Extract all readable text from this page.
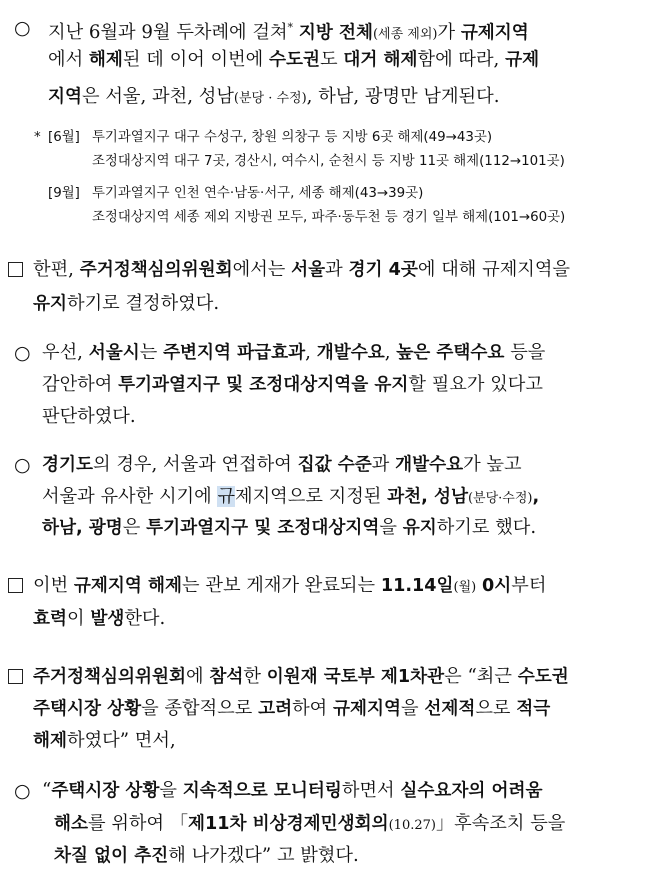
○ 지난 6월과 9월 두차례에 걸쳐* 지방 전체(세종 제외)가 규제지역
에서 해제된 데 이어 이번에 수도권도 대거 해제함에 따라, 규제
지역은 서울, 과천, 성남(분당 · 수정), 하남, 광명만 남게된다.
* [6월] 투기과열지구 대구 수성구, 창원 의창구 등 지방 6곳 해제(49→43곳)
조정대상지역 대구 7곳, 경산시, 여수시, 순천시 등 지방 11곳 해제(112→101곳)
[9월] 투기과열지구 인천 연수·남동·서구, 세종 해제(43→39곳)
조정대상지역 세종 제외 지방권 모두, 파주·동두천 등 경기 일부 해제(101→60곳)
한편, 주거정책심의위원회에서는 서울과 경기 4곳에 대해 규제지역을
유지하기로 결정하였다.
○ 우선, 서울시는 주변지역 파급효과, 개발수요, 높은 주택수요 등을
감안하여 투기과열지구 및 조정대상지역을 유지할 필요가 있다고
판단하였다.
○ 경기도의 경우, 서울과 연접하여 집값 수준과 개발수요가 높고
서울과 유사한 시기에 규제지역으로 지정된 과천, 성남(분당·수정),
하남, 광명은 투기과열지구 및 조정대상지역을 유지하기로 했다.
이번 규제지역 해제는 관보 게재가 완료되는 11.14일(월) 0시부터
효력이 발생한다.
주거정책심의위원회에 참석한 이원재 국토부 제1차관은 “최근 수도권
주택시장 상황을 종합적으로 고려하여 규제지역을 선제적으로 적극
해제하였다” 면서,
○ “주택시장 상황을 지속적으로 모니터링하면서 실수요자의 어려움
해소를 위하여 「제11차 비상경제민생회의(10.27)」후속조치 등을
차질 없이 추진해 나가겠다” 고 밝혔다.
